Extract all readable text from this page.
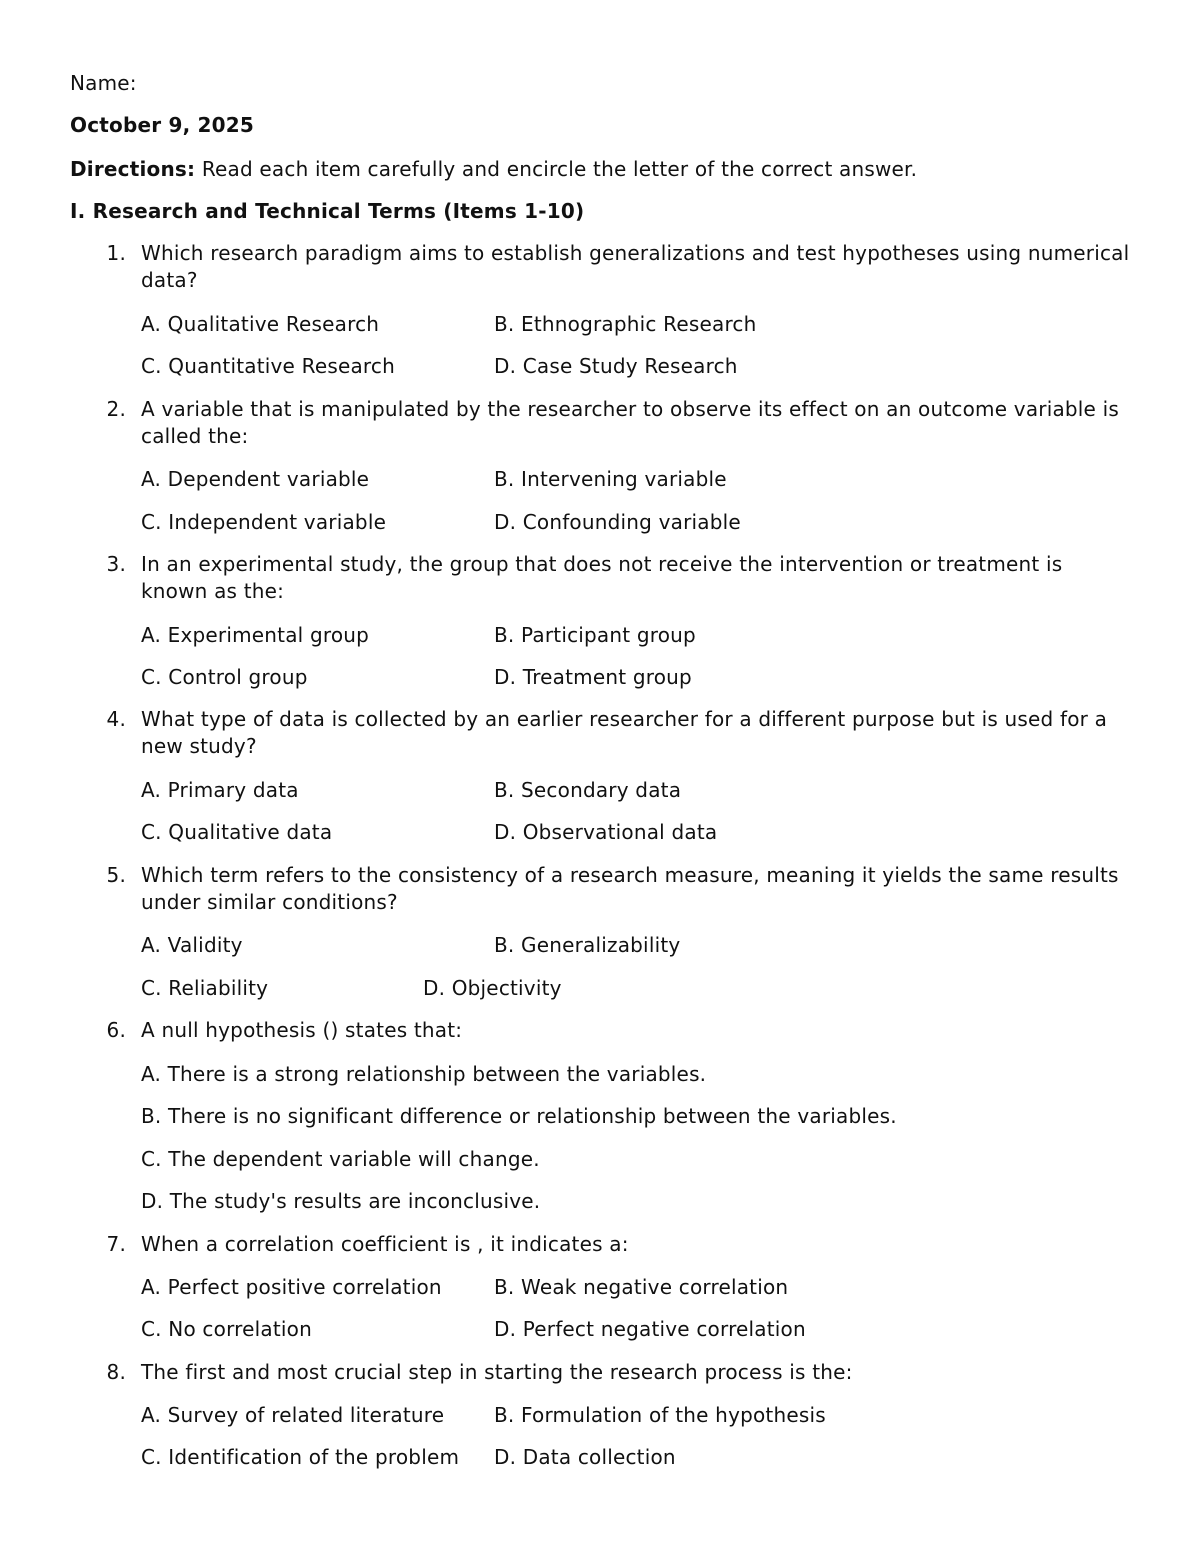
Name:
October 9, 2025
Directions: Read each item carefully and encircle the letter of the correct answer.
I. Research and Technical Terms (Items 1-10)
1. Which research paradigm aims to establish generalizations and test hypotheses using numerical data?
A. Qualitative Research	B. Ethnographic Research
C. Quantitative Research	D. Case Study Research
2. A variable that is manipulated by the researcher to observe its effect on an outcome variable is called the:
A. Dependent variable	B. Intervening variable
C. Independent variable	D. Confounding variable
3. In an experimental study, the group that does not receive the intervention or treatment is known as the:
A. Experimental group	B. Participant group
C. Control group	D. Treatment group
4. What type of data is collected by an earlier researcher for a different purpose but is used for a new study?
A. Primary data	B. Secondary data
C. Qualitative data	D. Observational data
5. Which term refers to the consistency of a research measure, meaning it yields the same results under similar conditions?
A. Validity	B. Generalizability
C. Reliability	D. Objectivity
6. A null hypothesis () states that:
A. There is a strong relationship between the variables.
B. There is no significant difference or relationship between the variables.
C. The dependent variable will change.
D. The study's results are inconclusive.
7. When a correlation coefficient is , it indicates a:
A. Perfect positive correlation	B. Weak negative correlation
C. No correlation	D. Perfect negative correlation
8. The first and most crucial step in starting the research process is the:
A. Survey of related literature B. Formulation of the hypothesis
C. Identification of the problem D. Data collection
